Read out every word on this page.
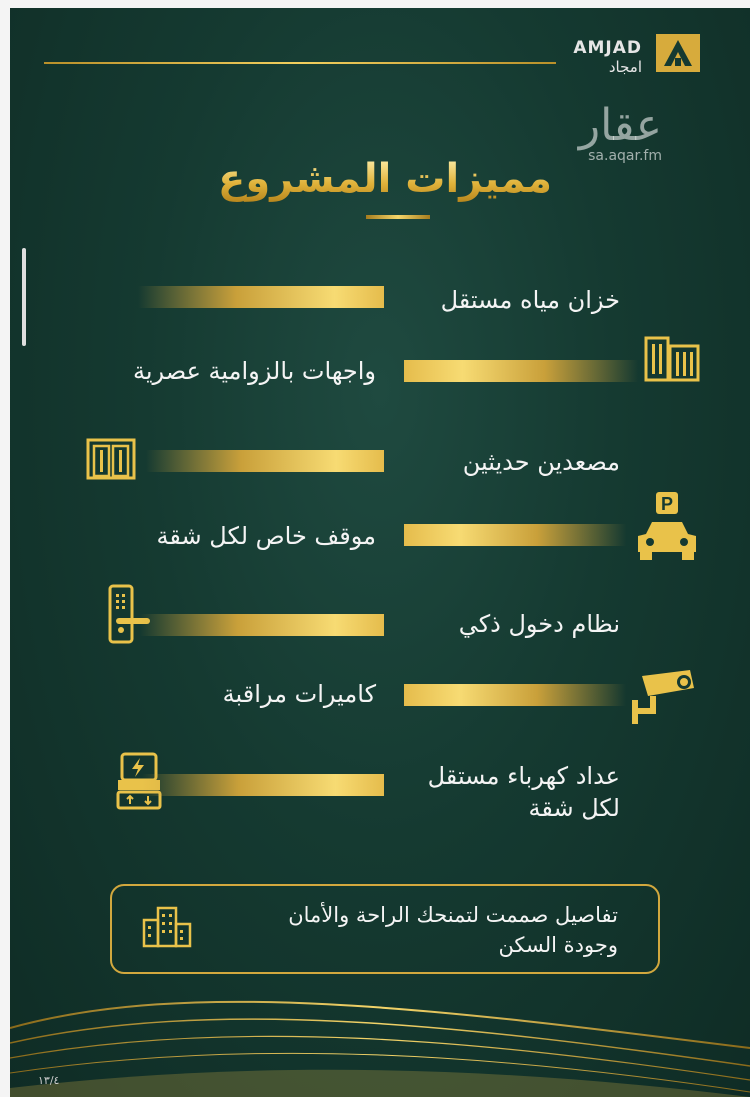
AMJAD
امجاد
عقار
sa.aqar.fm
مميزات المشروع
خزان مياه مستقل
واجهات بالزوامية عصرية
مصعدين حديثين
P
موقف خاص لكل شقة
نظام دخول ذكي
كاميرات مراقبة
عداد كهرباء مستقل
لكل شقة
تفاصيل صممت لتمنحك الراحة والأمان
وجودة السكن
١٣/٤
